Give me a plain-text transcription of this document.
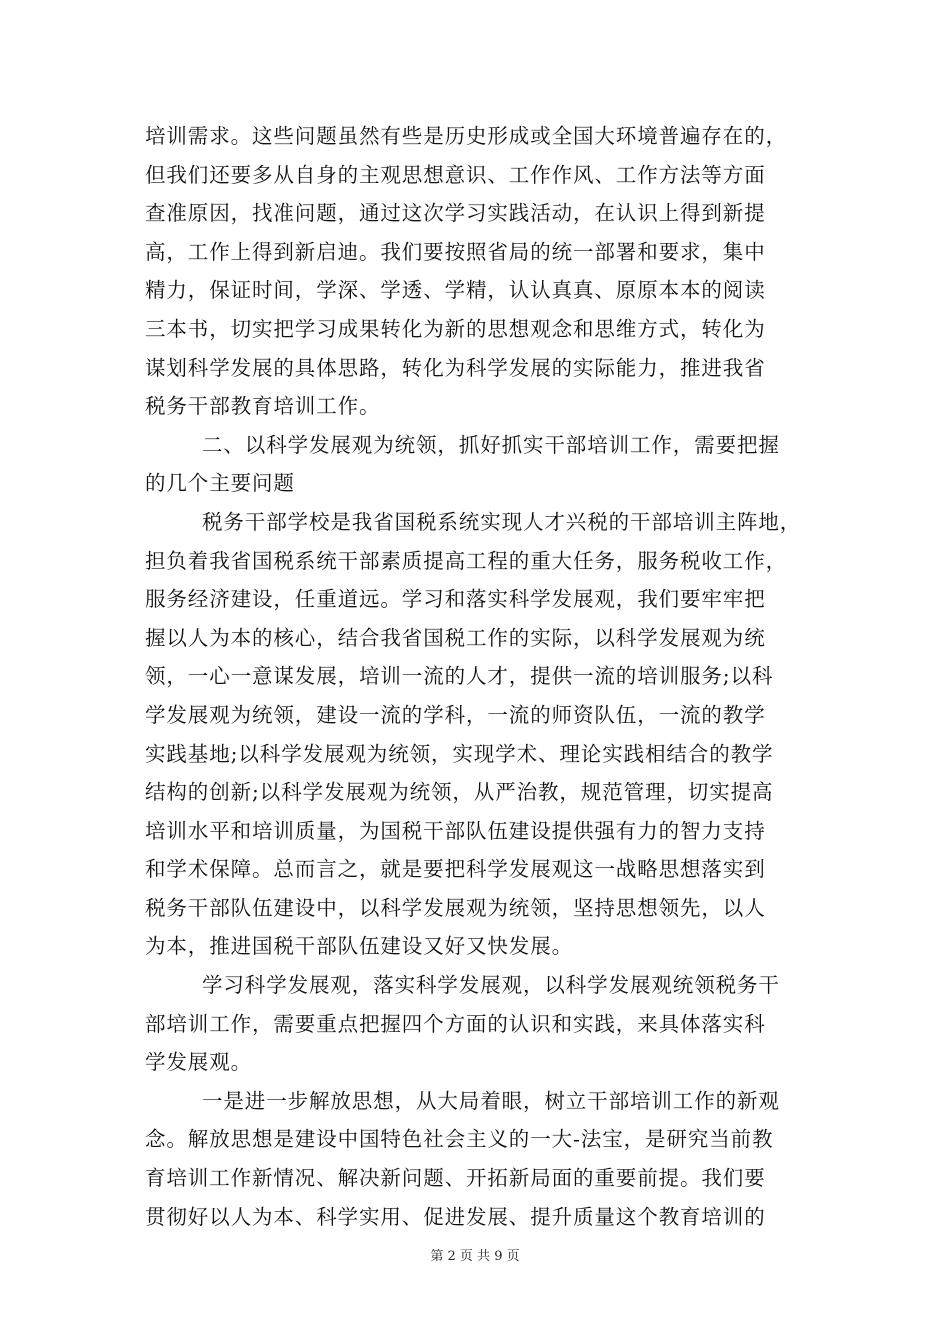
培训需求。这些问题虽然有些是历史形成或全国大环境普遍存在的，
但我们还要多从自身的主观思想意识、工作作风、工作方法等方面
查准原因，找准问题，通过这次学习实践活动，在认识上得到新提
高，工作上得到新启迪。我们要按照省局的统一部署和要求，集中
精力，保证时间，学深、学透、学精，认认真真、原原本本的阅读
三本书，切实把学习成果转化为新的思想观念和思维方式，转化为
谋划科学发展的具体思路，转化为科学发展的实际能力，推进我省
税务干部教育培训工作。
二、以科学发展观为统领，抓好抓实干部培训工作，需要把握
的几个主要问题
税务干部学校是我省国税系统实现人才兴税的干部培训主阵地，
担负着我省国税系统干部素质提高工程的重大任务，服务税收工作，
服务经济建设，任重道远。学习和落实科学发展观，我们要牢牢把
握以人为本的核心，结合我省国税工作的实际，以科学发展观为统
领，一心一意谋发展，培训一流的人才，提供一流的培训服务;以科
学发展观为统领，建设一流的学科，一流的师资队伍，一流的教学
实践基地;以科学发展观为统领，实现学术、理论实践相结合的教学
结构的创新;以科学发展观为统领，从严治教，规范管理，切实提高
培训水平和培训质量，为国税干部队伍建设提供强有力的智力支持
和学术保障。总而言之，就是要把科学发展观这一战略思想落实到
税务干部队伍建设中，以科学发展观为统领，坚持思想领先，以人
为本，推进国税干部队伍建设又好又快发展。
学习科学发展观，落实科学发展观，以科学发展观统领税务干
部培训工作，需要重点把握四个方面的认识和实践，来具体落实科
学发展观。
一是进一步解放思想，从大局着眼，树立干部培训工作的新观
念。解放思想是建设中国特色社会主义的一大-法宝，是研究当前教
育培训工作新情况、解决新问题、开拓新局面的重要前提。我们要
贯彻好以人为本、科学实用、促进发展、提升质量这个教育培训的
第 2 页 共 9 页
